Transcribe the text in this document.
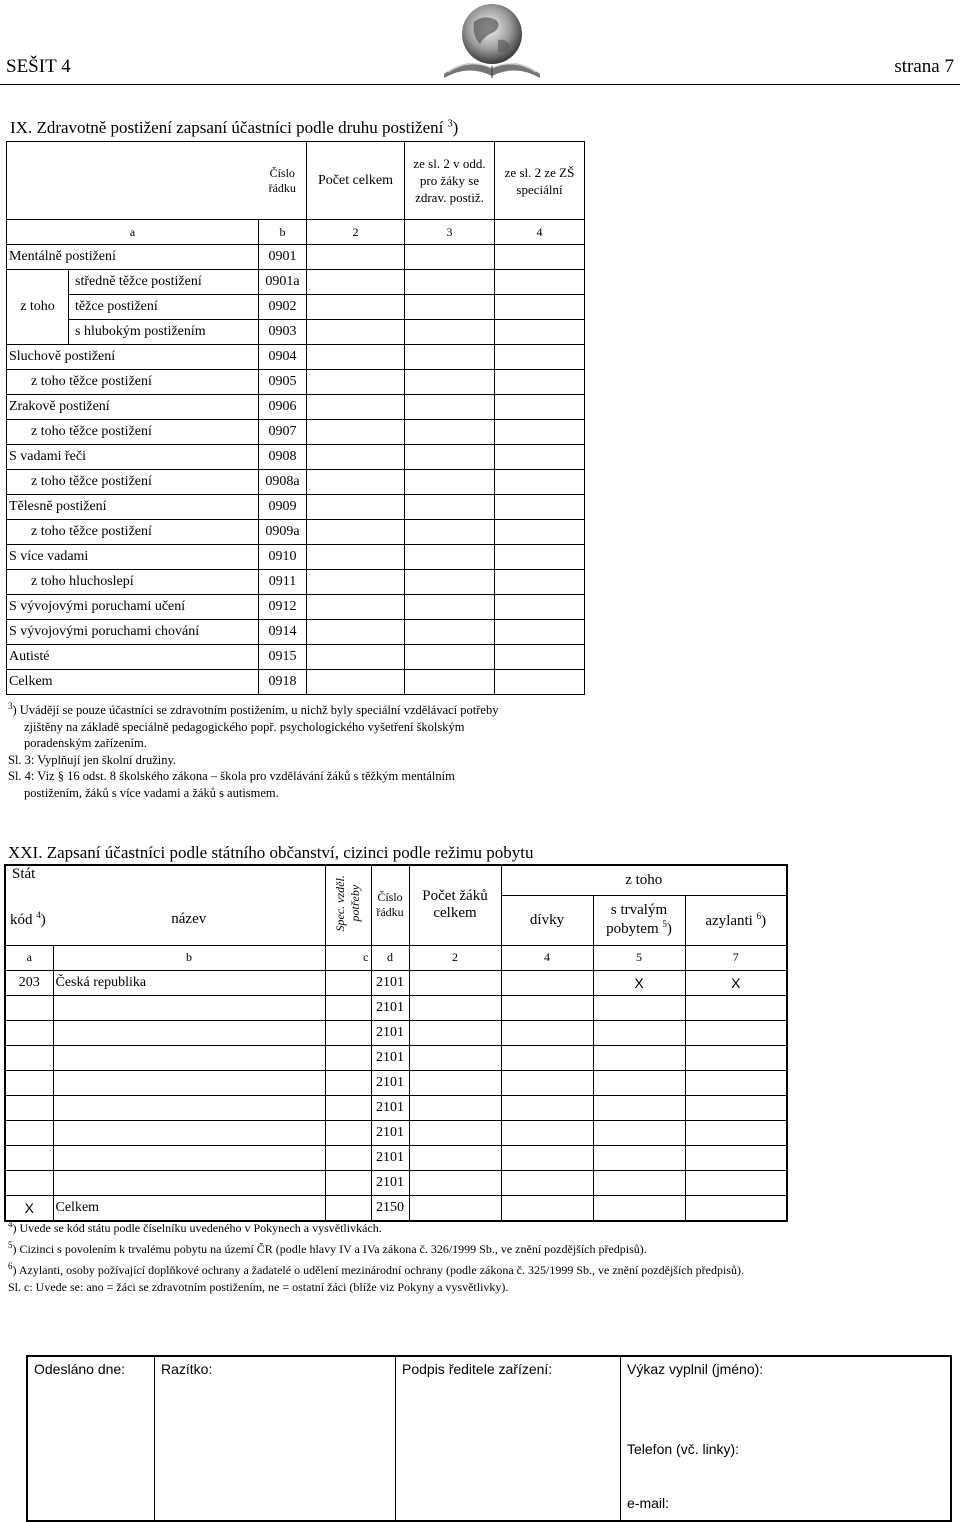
SEŠIT 4	strana 7
IX. Zdravotně postižení zapsaní účastníci podle druhu postižení $^3$)
		Číslo řádku	Počet celkem	ze sl. 2 v odd. pro žáky se zdrav. postiž.	ze sl. 2 ze ZŠ speciální
a		b	2	3	4
Mentálně postižení		0901			
z toho	středně těžce postižení	0901a			
	těžce postižení	0902			
	s hlubokým postižením	0903			
Sluchově postižení		0904			
z toho těžce postižení		0905			
Zrakově postižení		0906			
z toho těžce postižení		0907			
S vadami řeči		0908			
z toho těžce postižení		0908a			
Tělesně postižení		0909			
z toho těžce postižení		0909a			
S více vadami		0910			
z toho hluchoslepí		0911			
S vývojovými poruchami učení		0912			
S vývojovými poruchami chování		0914			
Autisté		0915			
Celkem		0918			

$^3$) Uvádějí se pouze účastníci se zdravotním postižením, u nichž byly speciální vzdělávací potřeby

zjištěny na základě speciálně pedagogického popř. psychologického vyšetření školským

poradenským zařízením.

Sl. 3: Vyplňují jen školní družiny.

Sl. 4: Viz § 16 odst. 8 školského zákona – škola pro vzdělávání žáků s těžkým mentálním

postižením, žáků s více vadami a žáků s autismem.

XXI. Zapsaní účastníci podle státního občanství, cizinci podle režimu pobytu
Stát		Spec. vzděl. potřeby	Číslo řádku	Počet žáků celkem	z toho		
kód $^4$)	název				dívky	s trvalým pobytem $^5$)	azylanti $^6$)
a	b	c	d	2	4	5	7
203	Česká republika		2101			X	X
			2101				
			2101				
			2101				
			2101				
			2101				
			2101				
			2101				
			2101				
X	Celkem		2150				

$^4$) Uvede se kód státu podle číselníku uvedeného v Pokynech a vysvětlivkách.

$^5$) Cizinci s povolením k trvalému pobytu na území ČR (podle hlavy IV a IVa zákona č. 326/1999 Sb., ve znění pozdějších předpisů).

$^6$) Azylanti, osoby požívající doplňkové ochrany a žadatelé o udělení mezinárodní ochrany (podle zákona č. 325/1999 Sb., ve znění pozdějších předpisů).

Sl. c: Uvede se: ano = žáci se zdravotním postižením, ne = ostatní žáci (blíže viz Pokyny a vysvětlivky).

Odesláno dne:	Razítko:	Podpis ředitele zařízení:	Výkaz vyplnil (jméno):
Telefon (vč. linky):
e-mail:
